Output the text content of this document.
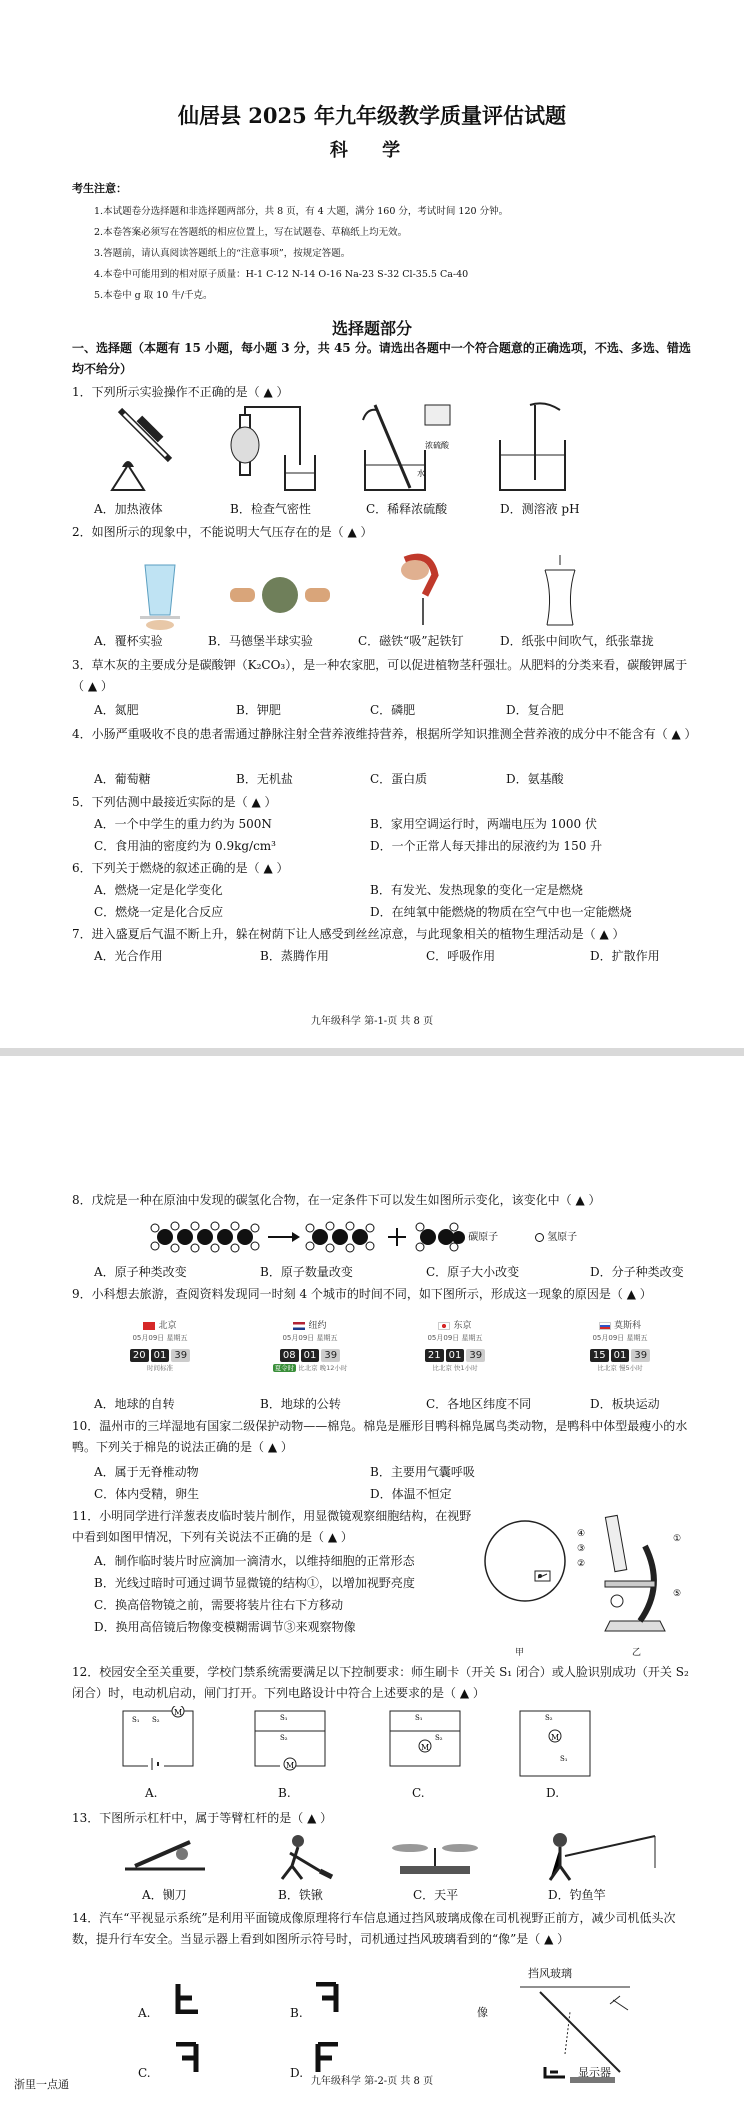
仙居县 2025 年九年级教学质量评估试题
科 学
考生注意：
1.本试题卷分选择题和非选择题两部分，共 8 页，有 4 大题，满分 160 分，考试时间 120 分钟。
2.本卷答案必须写在答题纸的相应位置上，写在试题卷、草稿纸上均无效。
3.答题前，请认真阅读答题纸上的“注意事项”，按规定答题。
4.本卷中可能用到的相对原子质量：H-1 C-12 N-14 O-16 Na-23 S-32 Cl-35.5 Ca-40
5.本卷中 g 取 10 牛/千克。
选择题部分
一、选择题（本题有 15 小题，每小题 3 分，共 45 分。请选出各题中一个符合题意的正确选项，不选、多选、错选均不给分）
1．下列所示实验操作不正确的是（ ▲ ）
浓硫酸
水
A．加热液体	B．检查气密性	C．稀释浓硫酸	D．测溶液 pH
2．如图所示的现象中，不能说明大气压存在的是（ ▲ ）
A．覆杯实验	B．马德堡半球实验	C．磁铁“吸”起铁钉	D．纸张中间吹气，纸张靠拢
3．草木灰的主要成分是碳酸钾（K₂CO₃），是一种农家肥，可以促进植物茎秆强壮。从肥料的分类来看，碳酸钾属于（ ▲ ）
A．氮肥	B．钾肥	C．磷肥	D．复合肥
4．小肠严重吸收不良的患者需通过静脉注射全营养液维持营养，根据所学知识推测全营养液的成分中不能含有（ ▲ ）
A．葡萄糖	B．无机盐	C．蛋白质	D．氨基酸
5．下列估测中最接近实际的是（ ▲ ）
A．一个中学生的重力约为 500N	B．家用空调运行时，两端电压为 1000 伏
C．食用油的密度约为 0.9kg/cm³	D．一个正常人每天排出的尿液约为 150 升
6．下列关于燃烧的叙述正确的是（ ▲ ）
A．燃烧一定是化学变化	B．有发光、发热现象的变化一定是燃烧
C．燃烧一定是化合反应	D．在纯氧中能燃烧的物质在空气中也一定能燃烧
7．进入盛夏后气温不断上升，躲在树荫下让人感受到丝丝凉意，与此现象相关的植物生理活动是（ ▲ ）
A．光合作用	B．蒸腾作用	C．呼吸作用	D．扩散作用
九年级科学 第-1-页 共 8 页
8．戊烷是一种在原油中发现的碳氢化合物，在一定条件下可以发生如图所示变化，该变化中（ ▲ ）
碳原子	氢原子
A．原子种类改变	B．原子数量改变	C．原子大小改变	D．分子种类改变
9．小科想去旅游，查阅资料发现同一时刻 4 个城市的时间不同，如下图所示，形成这一现象的原因是（ ▲ ）
北京
05月09日 星期五
20 01 39
时间标准
纽约
05月09日 星期五
08 01 39
夏令时 比北京 晚12小时
东京
05月09日 星期五
21 01 39
比北京 快1小时
莫斯科
05月09日 星期五
15 01 39
比北京 慢5小时
A．地球的自转	B．地球的公转	C．各地区纬度不同	D．板块运动
10．温州市的三垟湿地有国家二级保护动物——棉凫。棉凫是雁形目鸭科棉凫属鸟类动物，是鸭科中体型最瘦小的水鸭。下列关于棉凫的说法正确的是（ ▲ ）
A．属于无脊椎动物	B．主要用气囊呼吸
C．体内受精，卵生	D．体温不恒定
11．小明同学进行洋葱表皮临时装片制作，用显微镜观察细胞结构，在视野中看到如图甲情况，下列有关说法不正确的是（ ▲ ）
A．制作临时装片时应滴加一滴清水，以维持细胞的正常形态
B．光线过暗时可通过调节显微镜的结构①，以增加视野亮度
C．换高倍物镜之前，需要将装片往右下方移动
D．换用高倍镜后物像变模糊需调节③来观察物像
甲
④
③
②
①
⑤
乙
12．校园安全至关重要，学校门禁系统需要满足以下控制要求：师生刷卡（开关 S₁ 闭合）或人脸识别成功（开关 S₂ 闭合）时，电动机启动，闸门打开。下列电路设计中符合上述要求的是（ ▲ ）
M
S₁ S₂
M
S₁
S₂
M
S₁
S₂	M
S₂
S₁
A.	B.	C.	D.
13．下图所示杠杆中，属于等臂杠杆的是（ ▲ ）
A．铡刀	B．铁锹	C．天平	D．钓鱼竿
14．汽车“平视显示系统”是利用平面镜成像原理将行车信息通过挡风玻璃成像在司机视野正前方，减少司机低头次数，提升行车安全。当显示器上看到如图所示符号时，司机通过挡风玻璃看到的“像”是（ ▲ ）
A.	B.
C.	D.
挡风玻璃
像
显示器
九年级科学 第-2-页 共 8 页
浙里一点通
